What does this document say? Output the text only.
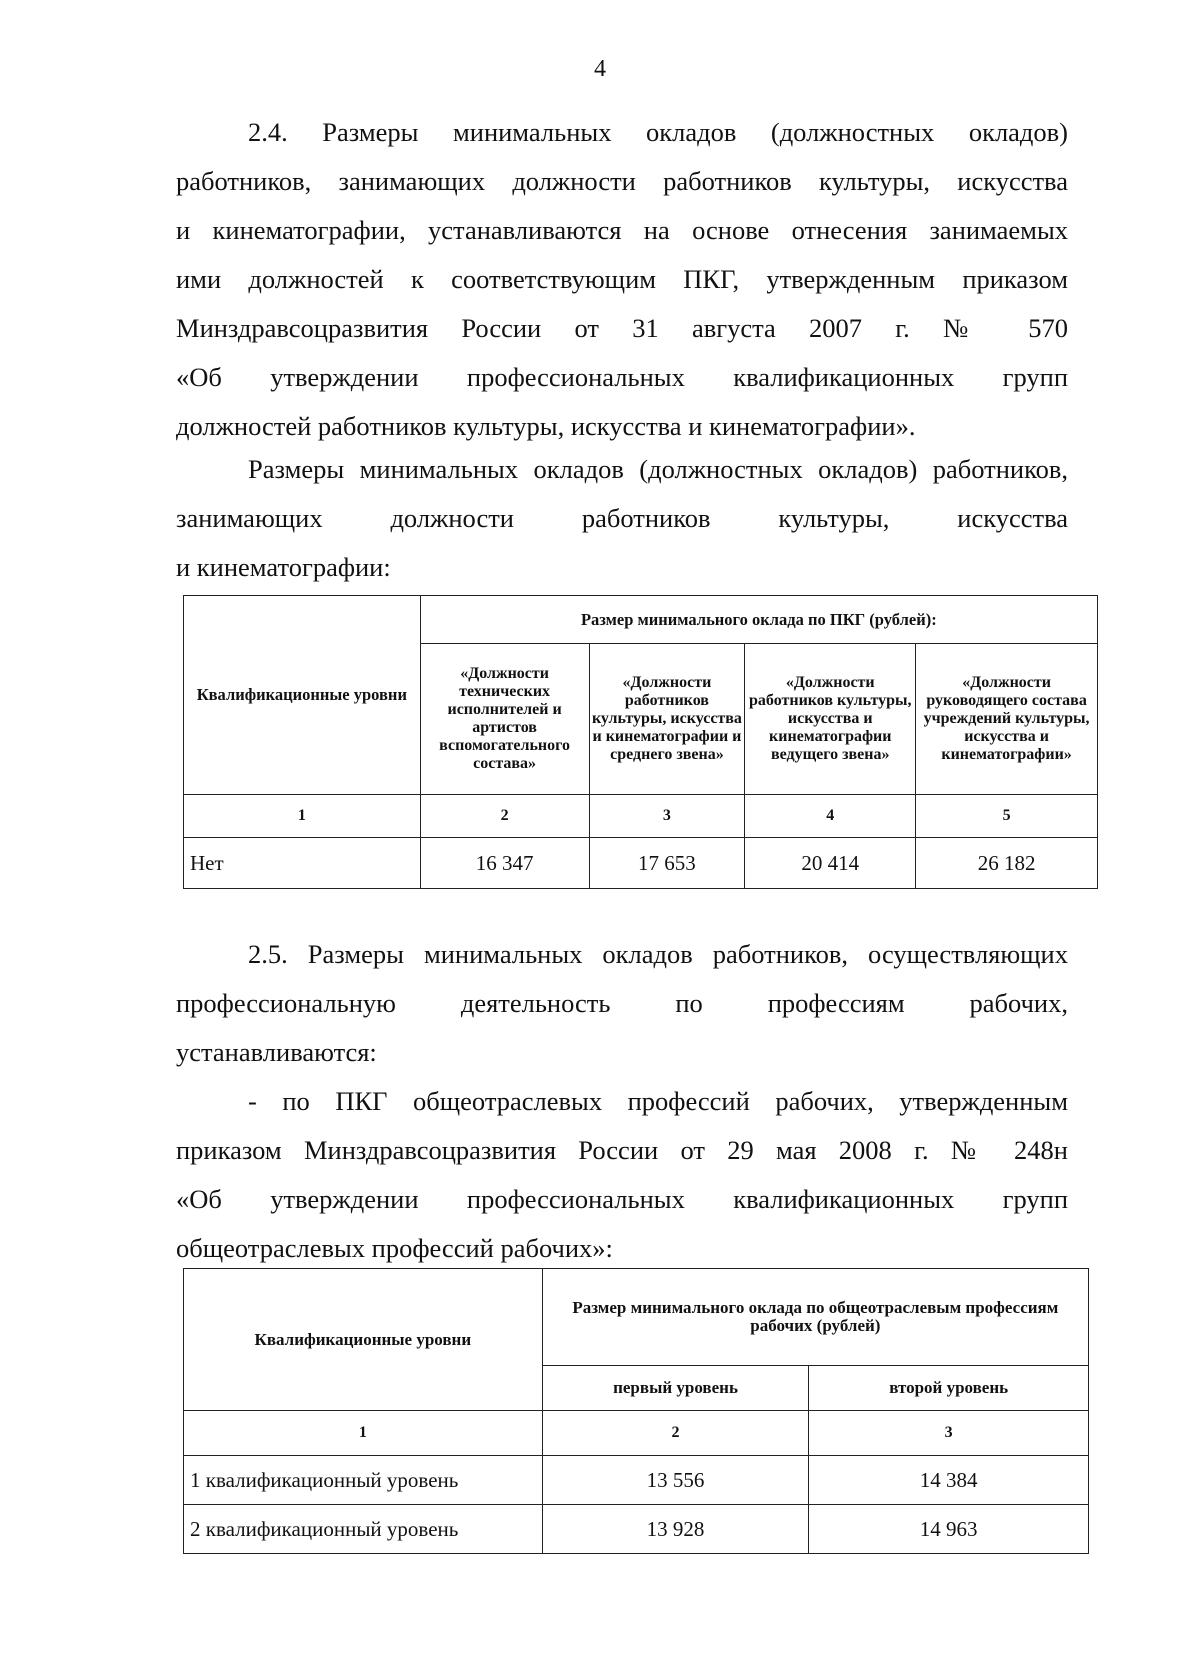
4
2.4. Размеры минимальных окладов (должностных окладов)
работников, занимающих должности работников культуры, искусства
и кинематографии, устанавливаются на основе отнесения занимаемых
ими должностей к соответствующим ПКГ, утвержденным приказом
Минздравсоцразвития России от 31 августа 2007 г. № 570
«Об утверждении профессиональных квалификационных групп
должностей работников культуры, искусства и кинематографии».
Размеры минимальных окладов (должностных окладов) работников,
занимающих должности работников культуры, искусства
и кинематографии:
Квалификационные уровни	Размер минимального оклада по ПКГ (рублей):			
	«Должности технических исполнителей и артистов вспомогательного состава»	«Должности работников культуры, искусства и кинематографии и среднего звена»	«Должности работников культуры, искусства и кинематографии ведущего звена»	«Должности руководящего состава учреждений культуры, искусства и кинематографии»
1	2	3	4	5
Нет	16 347	17 653	20 414	26 182
2.5. Размеры минимальных окладов работников, осуществляющих
профессиональную деятельность по профессиям рабочих,
устанавливаются:
- по ПКГ общеотраслевых профессий рабочих, утвержденным
приказом Минздравсоцразвития России от 29 мая 2008 г. № 248н
«Об утверждении профессиональных квалификационных групп
общеотраслевых профессий рабочих»:
Квалификационные уровни	Размер минимального оклада по общеотраслевым профессиям рабочих (рублей)	
	первый уровень	второй уровень
1	2	3
1 квалификационный уровень	13 556	14 384
2 квалификационный уровень	13 928	14 963
